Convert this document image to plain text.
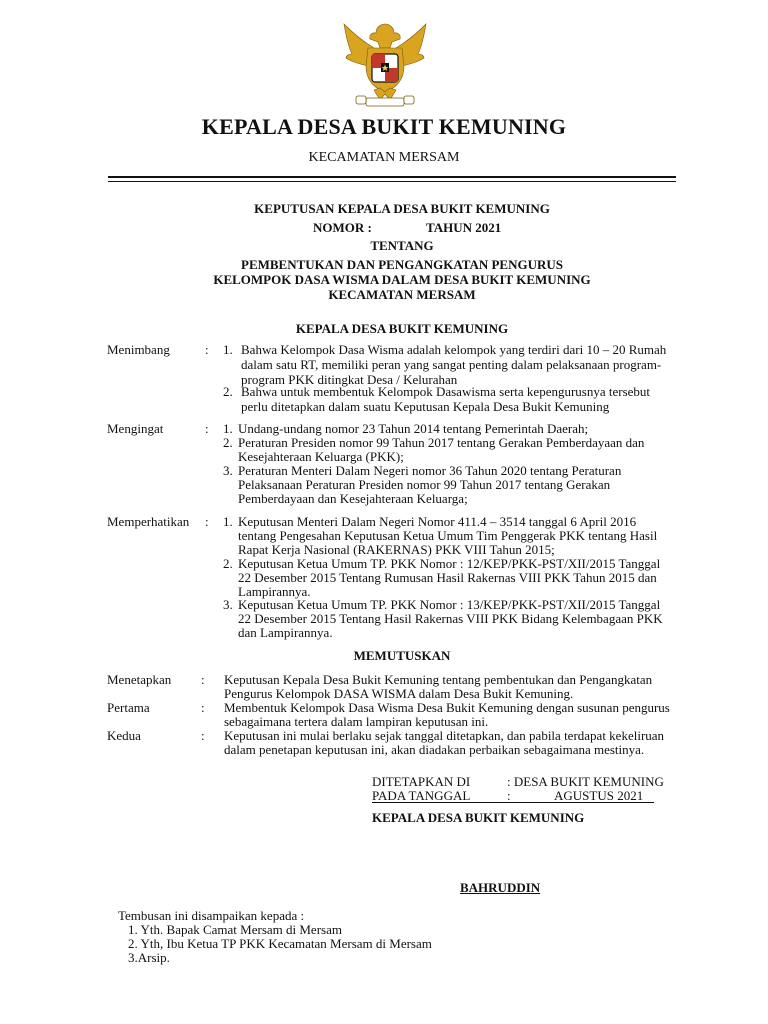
KEPALA DESA BUKIT KEMUNING
KECAMATAN MERSAM
KEPUTUSAN KEPALA DESA BUKIT KEMUNING
NOMOR :	TAHUN 2021
TENTANG
PEMBENTUKAN DAN PENGANGKATAN PENGURUS
KELOMPOK DASA WISMA DALAM DESA BUKIT KEMUNING
KECAMATAN MERSAM
KEPALA DESA BUKIT KEMUNING
Menimbang	: 1. Bahwa Kelompok Dasa Wisma adalah kelompok yang terdiri dari 10 – 20 Rumah
dalam satu RT, memiliki peran yang sangat penting dalam pelaksanaan program-
program PKK ditingkat Desa / Kelurahan
2. Bahwa untuk membentuk Kelompok Dasawisma serta kepengurusnya tersebut
perlu ditetapkan dalam suatu Keputusan Kepala Desa Bukit Kemuning
Mengingat	: 1. Undang-undang nomor 23 Tahun 2014 tentang Pemerintah Daerah;
2. Peraturan Presiden nomor 99 Tahun 2017 tentang Gerakan Pemberdayaan dan
Kesejahteraan Keluarga (PKK);
3. Peraturan Menteri Dalam Negeri nomor 36 Tahun 2020 tentang Peraturan
Pelaksanaan Peraturan Presiden nomor 99 Tahun 2017 tentang Gerakan
Pemberdayaan dan Kesejahteraan Keluarga;
Memperhatikan : 1. Keputusan Menteri Dalam Negeri Nomor 411.4 – 3514 tanggal 6 April 2016
tentang Pengesahan Keputusan Ketua Umum Tim Penggerak PKK tentang Hasil
Rapat Kerja Nasional (RAKERNAS) PKK VIII Tahun 2015;
2. Keputusan Ketua Umum TP. PKK Nomor : 12/KEP/PKK-PST/XII/2015 Tanggal
22 Desember 2015 Tentang Rumusan Hasil Rakernas VIII PKK Tahun 2015 dan
Lampirannya.
3. Keputusan Ketua Umum TP. PKK Nomor : 13/KEP/PKK-PST/XII/2015 Tanggal
22 Desember 2015 Tentang Hasil Rakernas VIII PKK Bidang Kelembagaan PKK
dan Lampirannya.
MEMUTUSKAN
Menetapkan : Keputusan Kepala Desa Bukit Kemuning tentang pembentukan dan Pengangkatan
Pengurus Kelompok DASA WISMA dalam Desa Bukit Kemuning.
Pertama	: Membentuk Kelompok Dasa Wisma Desa Bukit Kemuning dengan susunan pengurus
sebagaimana tertera dalam lampiran keputusan ini.
Kedua	: Keputusan ini mulai berlaku sejak tanggal ditetapkan, dan pabila terdapat kekeliruan
dalam penetapan keputusan ini, akan diadakan perbaikan sebagaimana mestinya.
DITETAPKAN DI	: DESA BUKIT KEMUNING
PADA TANGGAL	:	AGUSTUS 2021
KEPALA DESA BUKIT KEMUNING
BAHRUDDIN
Tembusan ini disampaikan kepada :
1. Yth. Bapak Camat Mersam di Mersam
2. Yth, Ibu Ketua TP PKK Kecamatan Mersam di Mersam
3.Arsip.
